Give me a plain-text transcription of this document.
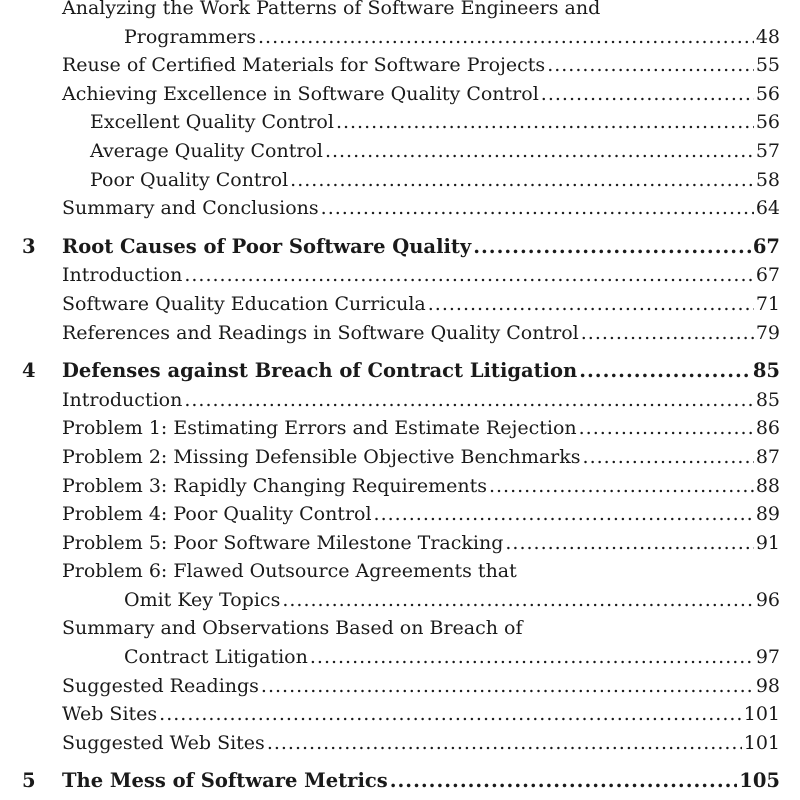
Analyzing the Work Patterns of Software Engineers and
Programmers .....	48
Reuse of Certified Materials for Software Projects .....	55
Achieving Excellence in Software Quality Control .....	56
Excellent Quality Control .....	56
Average Quality Control .....	57
Poor Quality Control .....	58
Summary and Conclusions .....	64
3 Root Causes of Poor Software Quality .....	67
Introduction .....	67
Software Quality Education Curricula .....	71
References and Readings in Software Quality Control .....	79
4 Defenses against Breach of Contract Litigation .....	85
Introduction .....	85
Problem 1: Estimating Errors and Estimate Rejection .....	86
Problem 2: Missing Defensible Objective Benchmarks .....	87
Problem 3: Rapidly Changing Requirements .....	88
Problem 4: Poor Quality Control .....	89
Problem 5: Poor Software Milestone Tracking .....	91
Problem 6: Flawed Outsource Agreements that
Omit Key Topics .....	96
Summary and Observations Based on Breach of
Contract Litigation .....	97
Suggested Readings .....	98
Web Sites .....	101
Suggested Web Sites .....	101
5 The Mess of Software Metrics .....	105
